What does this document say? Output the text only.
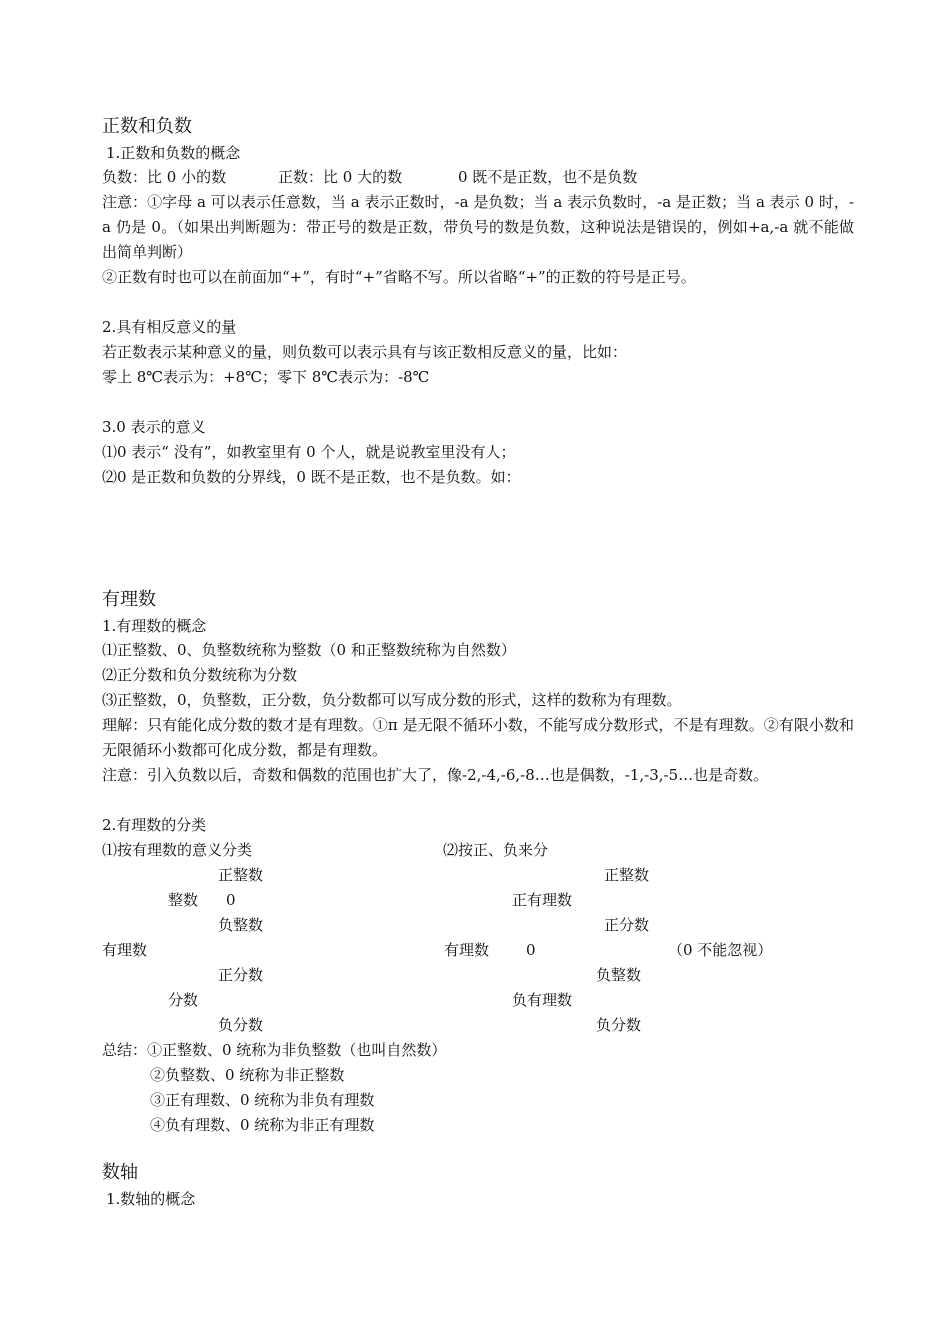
正数和负数
1.正数和负数的概念
负数：比 0 小的数	正数：比 0 大的数	0 既不是正数，也不是负数
注意：①字母 a 可以表示任意数，当 a 表示正数时，-a 是负数；当 a 表示负数时，-a 是正数；当 a 表示 0 时，-a 仍是 0。（如果出判断题为：带正号的数是正数，带负号的数是负数，这种说法是错误的，例如+a,-a 就不能做出简单判断）
②正数有时也可以在前面加“+”，有时“+”省略不写。所以省略“+”的正数的符号是正号。
2.具有相反意义的量
若正数表示某种意义的量，则负数可以表示具有与该正数相反意义的量，比如：
零上 8℃表示为：+8℃；零下 8℃表示为：-8℃
3.0 表示的意义
⑴0 表示“ 没有”，如教室里有 0 个人，就是说教室里没有人；
⑵0 是正数和负数的分界线，0 既不是正数，也不是负数。如：
有理数
1.有理数的概念
⑴正整数、0、负整数统称为整数（0 和正整数统称为自然数）
⑵正分数和负分数统称为分数
⑶正整数，0，负整数，正分数，负分数都可以写成分数的形式，这样的数称为有理数。
理解：只有能化成分数的数才是有理数。①π 是无限不循环小数，不能写成分数形式，不是有理数。②有限小数和无限循环小数都可化成分数，都是有理数。
注意：引入负数以后，奇数和偶数的范围也扩大了，像-2,-4,-6,-8…也是偶数，-1,-3,-5…也是奇数。
2.有理数的分类
⑴按有理数的意义分类
正整数
整数 0
负整数
有理数
正分数
分数
负分数
⑵按正、负来分
正整数
正有理数
正分数
有理数 0	（0 不能忽视）
负整数
负有理数
负分数
总结：①正整数、0 统称为非负整数（也叫自然数）
②负整数、0 统称为非正整数
③正有理数、0 统称为非负有理数
④负有理数、0 统称为非正有理数
数轴
1.数轴的概念
